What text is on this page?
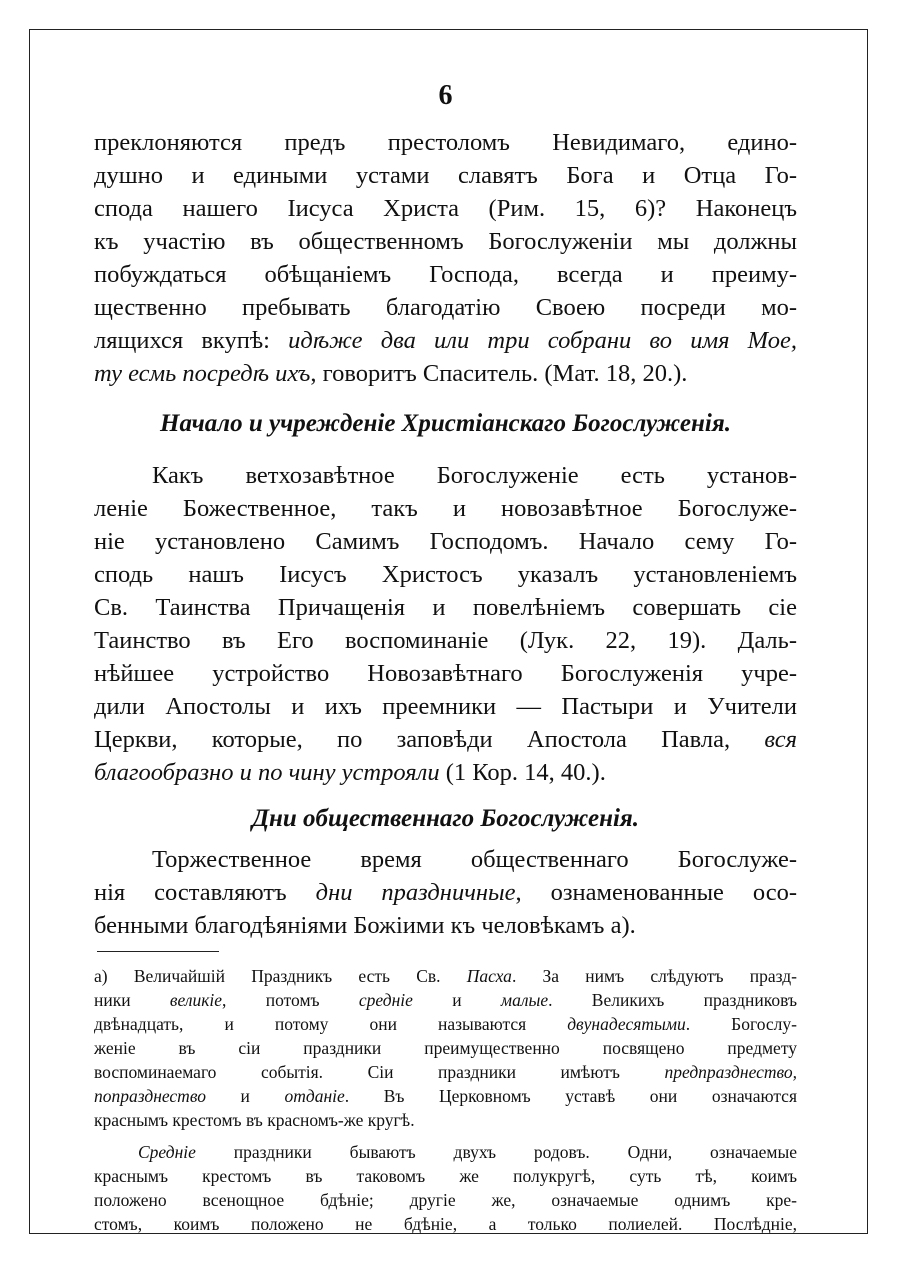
6
преклоняются предъ престоломъ Невидимаго, едино-
душно и едиными устами славятъ Бога и Отца Го-
спода нашего Іисуса Христа (Рим. 15, 6)? Наконецъ
къ участію въ общественномъ Богослуженіи мы должны
побуждаться обѣщаніемъ Господа, всегда и преиму-
щественно пребывать благодатію Своею посреди мо-
лящихся вкупѣ: идѣже два или три собрани во имя Мое,
ту есмь посредѣ ихъ, говоритъ Спаситель. (Мат. 18, 20.).
Начало и учрежденіе Христіанскаго Богослуженія.
Какъ ветхозавѣтное Богослуженіе есть установ-
леніе Божественное, такъ и новозавѣтное Богослуже-
ніе установлено Самимъ Господомъ. Начало сему Го-
сподь нашъ Іисусъ Христосъ указалъ установленіемъ
Св. Таинства Причащенія и повелѣніемъ совершать сіе
Таинство въ Его воспоминаніе (Лук. 22, 19). Даль-
нѣйшее устройство Новозавѣтнаго Богослуженія учре-
дили Апостолы и ихъ преемники — Пастыри и Учители
Церкви, которые, по заповѣди Апостола Павла, вся
благообразно и по чину устрояли (1 Кор. 14, 40.).
Дни общественнаго Богослуженія.
Торжественное время общественнаго Богослуже-
нія составляютъ дни праздничные, ознаменованные осо-
бенными благодѣяніями Божіими къ человѣкамъ а).
а) Величайшій Праздникъ есть Св. Пасха. За нимъ слѣдуютъ празд-
ники великіе, потомъ средніе и малые. Великихъ праздниковъ
двѣнадцать, и потому они называются двунадесятыми. Богослу-
женіе въ сіи праздники преимущественно посвящено предмету
воспоминаемаго событія. Сіи праздники имѣютъ предпразднество,
попразднество и отданіе. Въ Церковномъ уставѣ они означаются
краснымъ крестомъ въ красномъ-же кругѣ.
Средніе праздники бываютъ двухъ родовъ. Одни, означаемые
краснымъ крестомъ въ таковомъ же полукругѣ, суть тѣ, коимъ
положено всенощное бдѣніе; другіе же, означаемые однимъ кре-
стомъ, коимъ положено не бдѣніе, а только полиелей. Послѣдніе,
